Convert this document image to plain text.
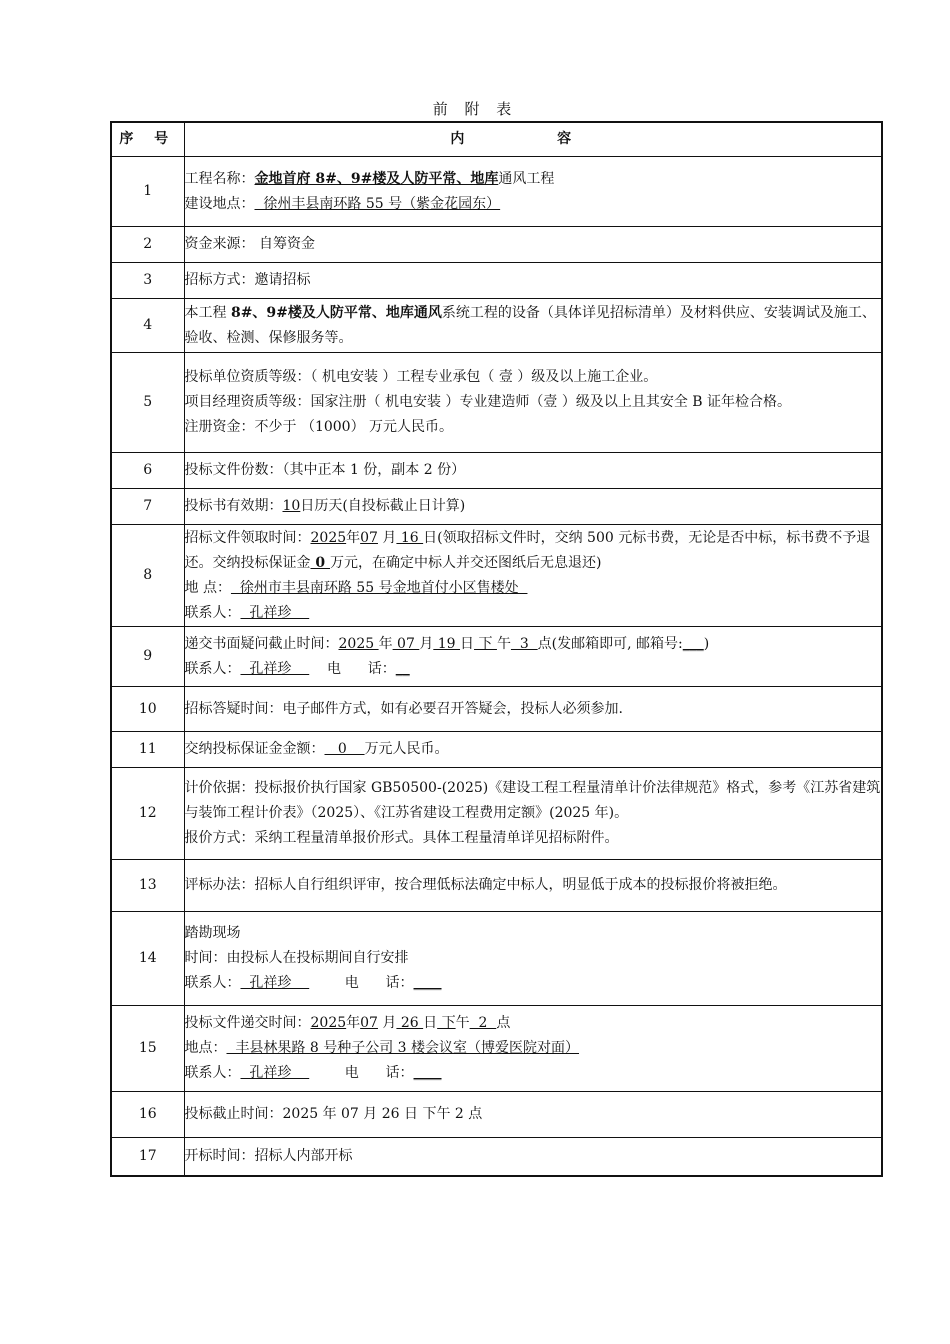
前 附 表
序 号	内 容
1	工程名称：金地首府 8#、9#楼及人防平常、地库通风工程
建设地点：  徐州丰县南环路 55 号（紫金花园东）

2	资金来源： 自筹资金
3	招标方式：邀请招标
4	本工程 8#、9#楼及人防平常、地库通风系统工程的设备（具体详见招标清单）及材料供应、安装调试及施工、验收、检测、保修服务等。
5	投标单位资质等级：（ 机电安装 ）工程专业承包（ 壹 ）级及以上施工企业。
项目经理资质等级：国家注册（ 机电安装 ）专业建造师（壹 ）级及以上且其安全 B 证年检合格。
注册资金：不少于 （1000） 万元人民币。

6	投标文件份数：（其中正本 1 份，副本 2 份）
7	投标书有效期：10日历天(自投标截止日计算)
8	招标文件领取时间：2025年07 月 16 日(领取招标文件时，交纳 500 元标书费，无论是否中标，标书费不予退还。交纳投标保证金 0 万元，在确定中标人并交还图纸后无息退还)
地 点：  徐州市丰县南环路 55 号金地首付小区售楼处
联系人：  孔祥珍

9	递交书面疑问截止时间：2025 年 07 月 19 日 下 午  3  点(发邮箱即可, 邮箱号:___)
联系人：  孔祥珍        电      话：__

10	招标答疑时间：电子邮件方式，如有必要召开答疑会，投标人必须参加.
11	交纳投标保证金金额：   0    万元人民币。
12	计价依据：投标报价执行国家 GB50500-(2025)《建设工程工程量清单计价法律规范》格式，参考《江苏省建筑与装饰工程计价表》（2025）、《江苏省建设工程费用定额》(2025 年)。
报价方式：采纳工程量清单报价形式。具体工程量清单详见招标附件。

13	评标办法：招标人自行组织评审，按合理低标法确定中标人，明显低于成本的投标报价将被拒绝。
14	踏勘现场
时间：由投标人在投标期间自行安排
联系人：  孔祥珍            电      话：____

15	投标文件递交时间：2025年07 月 26 日 下午  2  点
地点：  丰县林果路 8 号种子公司 3 楼会议室（博爱医院对面）
联系人：  孔祥珍            电      话：____

16	投标截止时间：2025 年 07 月 26 日 下午 2 点
17	开标时间：招标人内部开标
